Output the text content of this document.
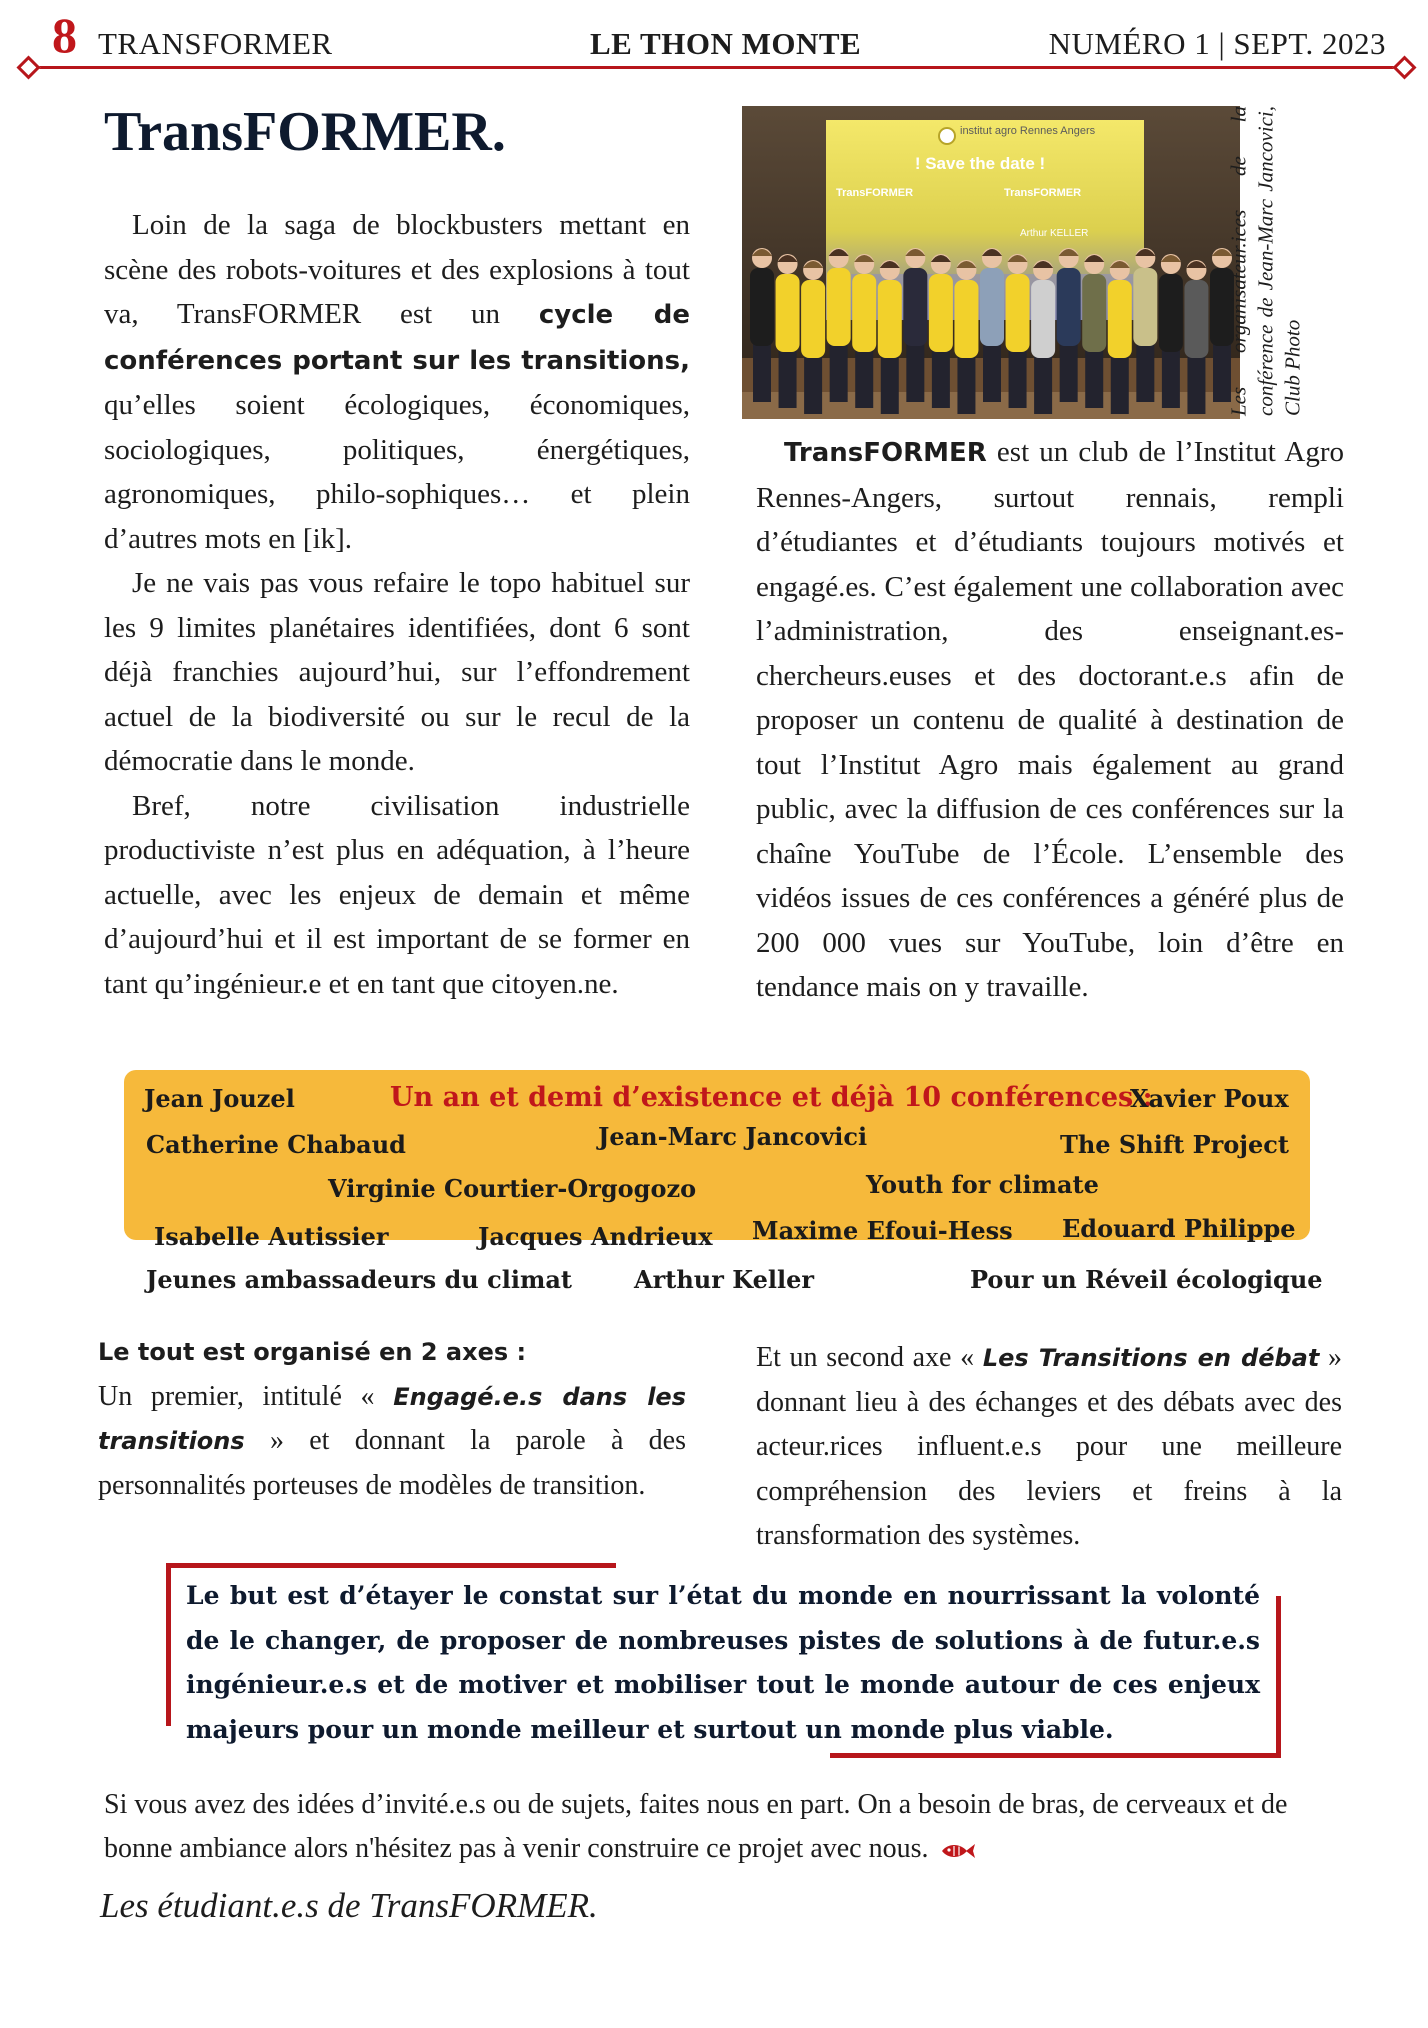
8 TRANSFORMER	LE THON MONTE	NUMÉRO 1 | SEPT. 2023
TransFORMER.

Loin de la saga de blockbusters mettant en scène des robots-voitures et des explosions à tout va, TransFORMER est un cycle de conférences portant sur les transitions, qu’elles soient écologiques, économiques, sociologiques, politiques, énergétiques, agronomiques, philo-sophiques… et plein d’autres mots en [ik].

Je ne vais pas vous refaire le topo habituel sur les 9 limites planétaires identifiées, dont 6 sont déjà franchies aujourd’hui, sur l’effondrement actuel de la biodiversité ou sur le recul de la démocratie dans le monde.

Bref, notre civilisation industrielle productiviste n’est plus en adéquation, à l’heure actuelle, avec les enjeux de demain et même d’aujourd’hui et il est important de se former en tant qu’ingénieur.e et en tant que citoyen.ne.

institut agro Rennes Angers
! Save the date !
TransFORMER	TransFORMER
Arthur KELLER	Les organisateur.ices de la conférence de Jean-Marc Jancovici, Club Photo

TransFORMER est un club de l’Institut Agro Rennes-Angers, surtout rennais, rempli d’étudiantes et d’étudiants toujours motivés et engagé.es. C’est également une collaboration avec l’administration, des enseignant.es-chercheurs.euses et des doctorant.e.s afin de proposer un contenu de qualité à destination de tout l’Institut Agro mais également au grand public, avec la diffusion de ces conférences sur la chaîne YouTube de l’École. L’ensemble des vidéos issues de ces conférences a généré plus de 200 000 vues sur YouTube, loin d’être en tendance mais on y travaille.

Un an et demi d’existence et déjà 10 conférences :
Jean Jouzel	Xavier Poux
Catherine Chabaud	Jean-Marc Jancovici	The Shift Project
Virginie Courtier-Orgogozo	Youth for climate
Isabelle Autissier	Jacques Andrieux Maxime Efoui-Hess Edouard Philippe
Jeunes ambassadeurs du climat	Arthur Keller	Pour un Réveil écologique
Le tout est organisé en 2 axes :
Un premier, intitulé « Engagé.e.s dans les transitions » et donnant la parole à des personnalités porteuses de modèles de transition.
Et un second axe « Les Transitions en débat » donnant lieu à des échanges et des débats avec des acteur.rices influent.e.s pour une meilleure compréhension des leviers et freins à la transformation des systèmes.
Le but est d’étayer le constat sur l’état du monde en nourrissant la volonté de le changer, de proposer de nombreuses pistes de solutions à de futur.e.s ingénieur.e.s et de motiver et mobiliser tout le monde autour de ces enjeux majeurs pour un monde meilleur et surtout un monde plus viable.
Si vous avez des idées d’invité.e.s ou de sujets, faites nous en part. On a besoin de bras, de cerveaux et de bonne ambiance alors n'hésitez pas à venir construire ce projet avec nous.
Les étudiant.e.s de TransFORMER.
